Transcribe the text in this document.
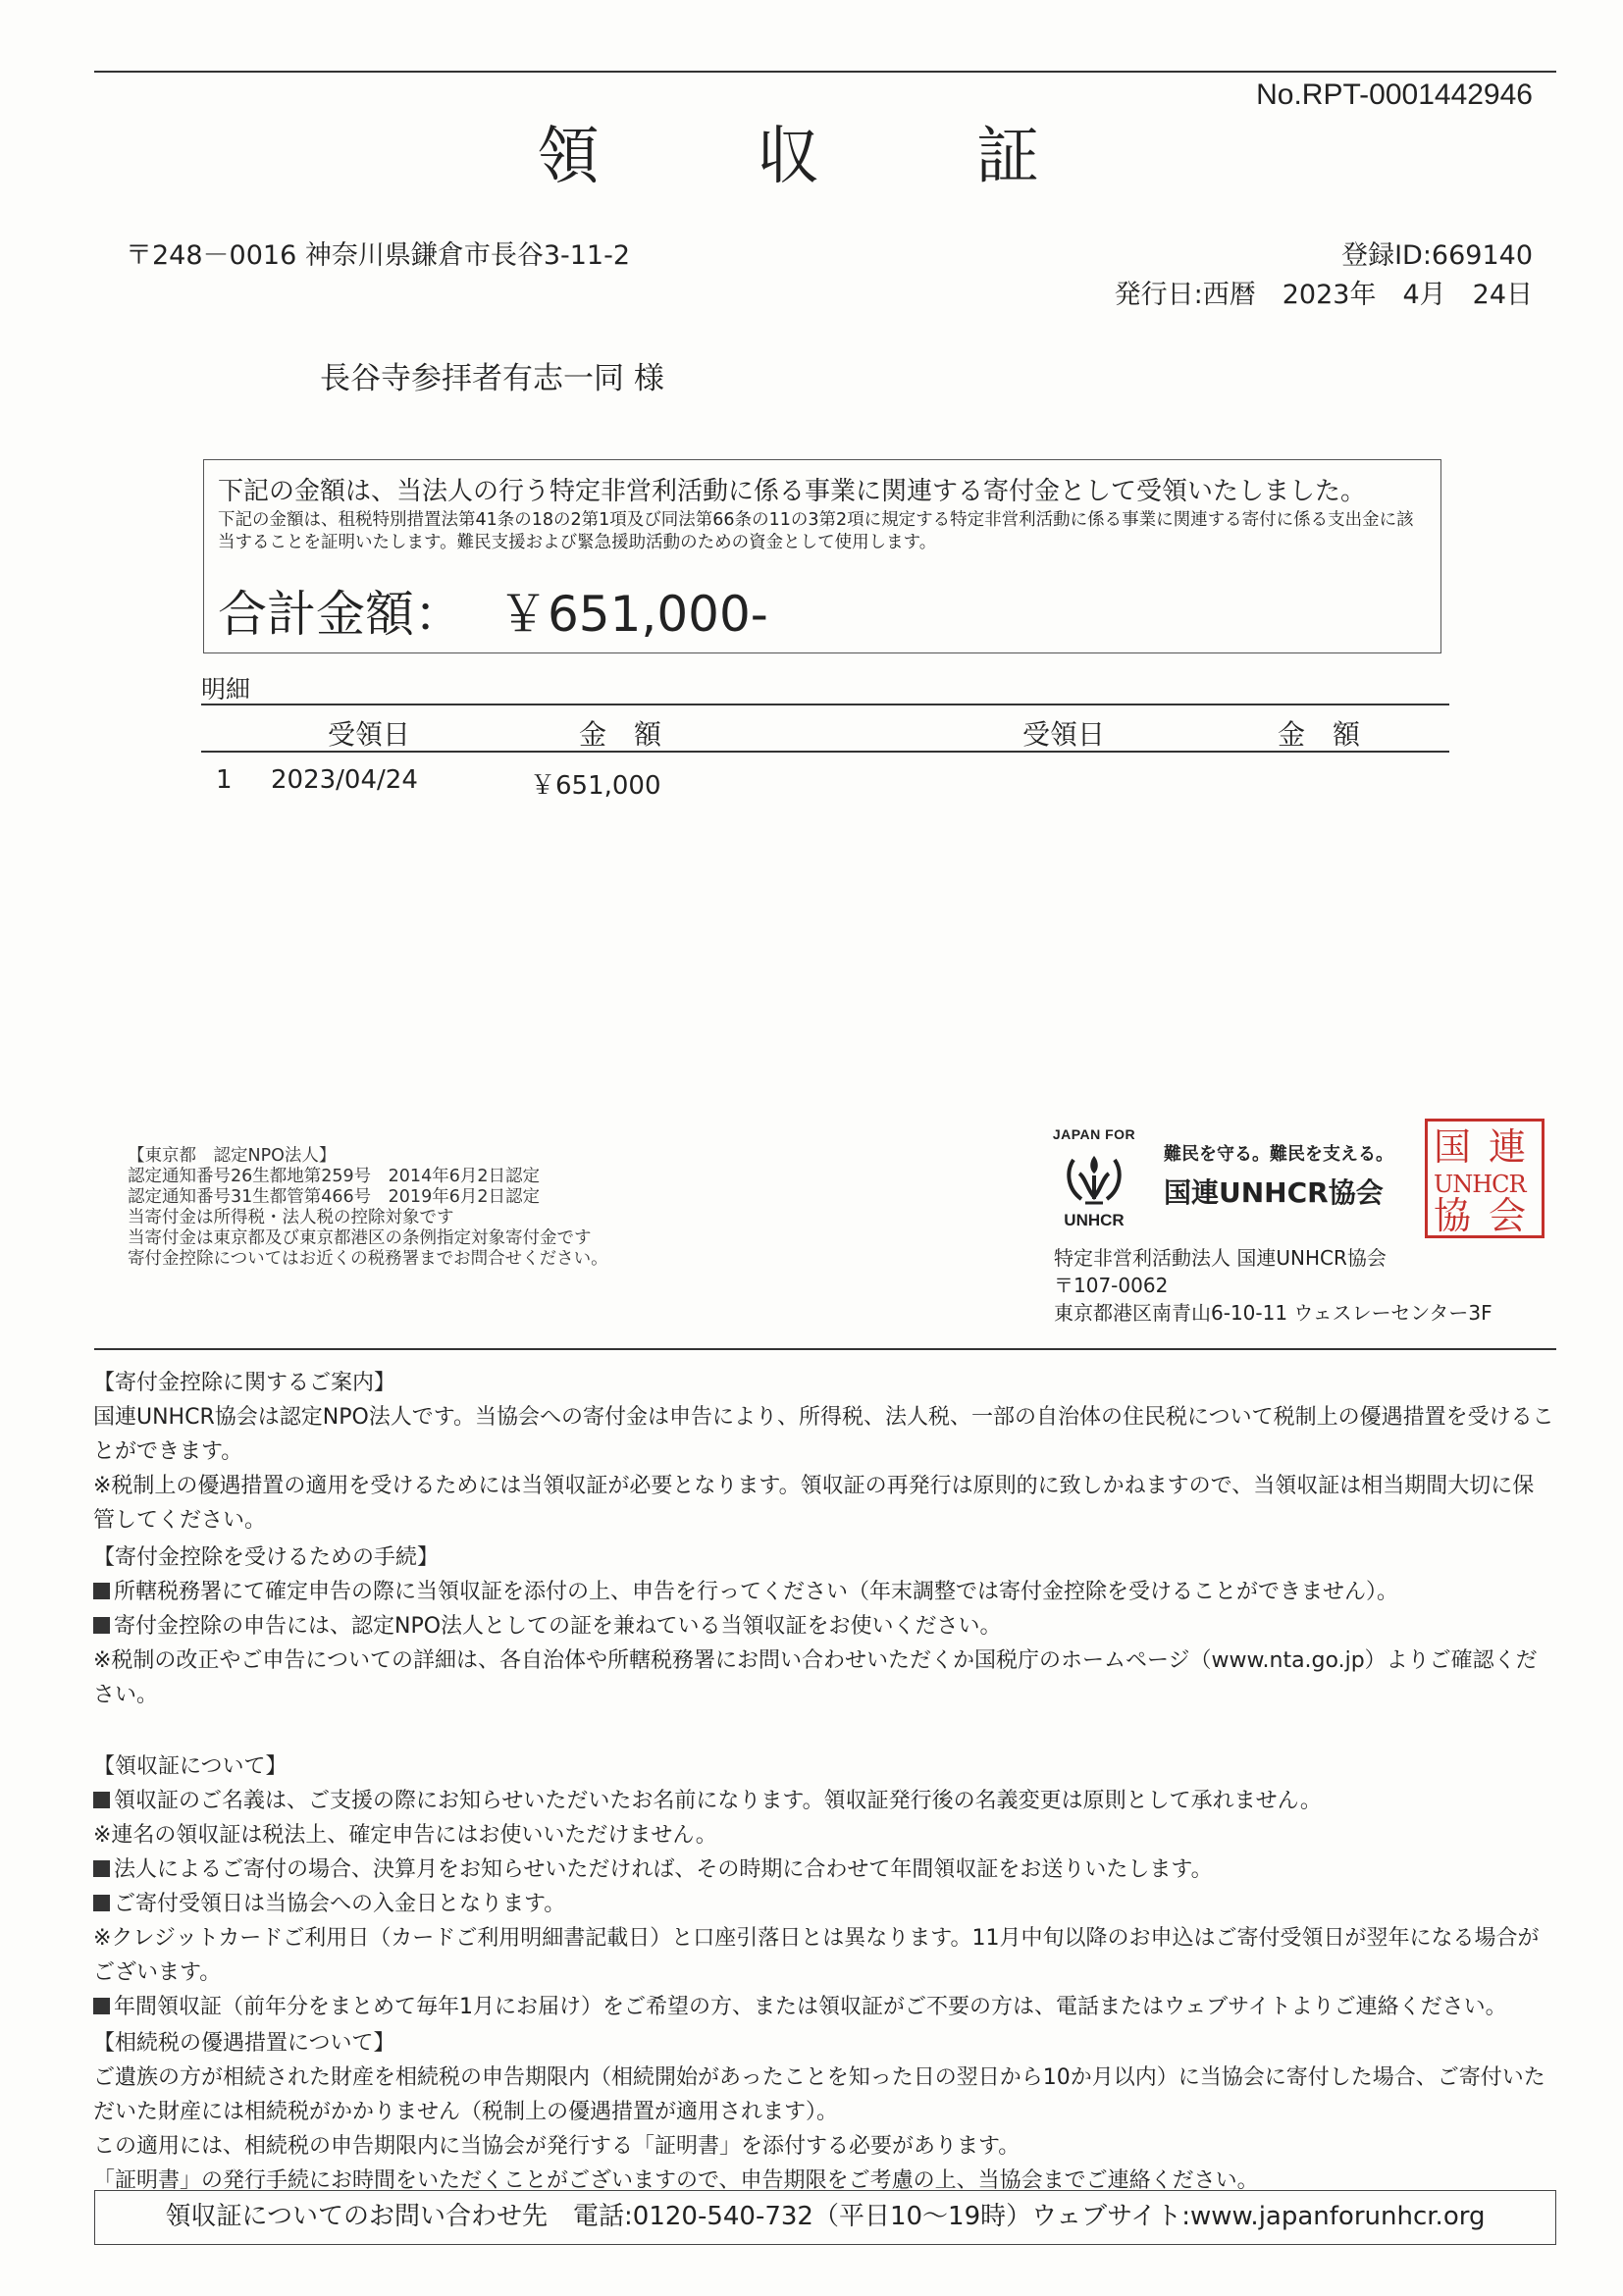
No.RPT-0001442946
領　収　証
〒248－0016 神奈川県鎌倉市長谷3-11-2	登録ID:669140
発行日:西暦　2023年　4月　24日
長谷寺参拝者有志一同 様
下記の金額は、当法人の行う特定非営利活動に係る事業に関連する寄付金として受領いたしました。
下記の金額は、租税特別措置法第41条の18の2第1項及び同法第66条の11の3第2項に規定する特定非営利活動に係る事業に関連する寄付に係る支出金に該当することを証明いたします。難民支援および緊急援助活動のための資金として使用します。
合計金額： ￥651,000-
明細
受領日	金　額	受領日	金　額
1 2023/04/24	￥651,000
【東京都　認定NPO法人】
認定通知番号26生都地第259号　2014年6月2日認定
認定通知番号31生都管第466号　2019年6月2日認定
当寄付金は所得税・法人税の控除対象です
当寄付金は東京都及び東京都港区の条例指定対象寄付金です
寄付金控除についてはお近くの税務署までお問合せください。
JAPAN FOR
UNHCR
難民を守る。難民を支える。
国連UNHCR協会
特定非営利活動法人 国連UNHCR協会
〒107-0062
東京都港区南青山6-10-11 ウェスレーセンター3F
国 連
UNHCR
協 会

【寄付金控除に関するご案内】

国連UNHCR協会は認定NPO法人です。当協会への寄付金は申告により、所得税、法人税、一部の自治体の住民税について税制上の優遇措置を受けることができます。

※税制上の優遇措置の適用を受けるためには当領収証が必要となります。領収証の再発行は原則的に致しかねますので、当領収証は相当期間大切に保管してください。

【寄付金控除を受けるための手続】

所轄税務署にて確定申告の際に当領収証を添付の上、申告を行ってください（年末調整では寄付金控除を受けることができません）。

寄付金控除の申告には、認定NPO法人としての証を兼ねている当領収証をお使いください。

※税制の改正やご申告についての詳細は、各自治体や所轄税務署にお問い合わせいただくか国税庁のホームページ（www.nta.go.jp）よりご確認ください。

【領収証について】

領収証のご名義は、ご支援の際にお知らせいただいたお名前になります。領収証発行後の名義変更は原則として承れません。

※連名の領収証は税法上、確定申告にはお使いいただけません。

法人によるご寄付の場合、決算月をお知らせいただければ、その時期に合わせて年間領収証をお送りいたします。

ご寄付受領日は当協会への入金日となります。

※クレジットカードご利用日（カードご利用明細書記載日）と口座引落日とは異なります。11月中旬以降のお申込はご寄付受領日が翌年になる場合がございます。

年間領収証（前年分をまとめて毎年1月にお届け）をご希望の方、または領収証がご不要の方は、電話またはウェブサイトよりご連絡ください。

【相続税の優遇措置について】

ご遺族の方が相続された財産を相続税の申告期限内（相続開始があったことを知った日の翌日から10か月以内）に当協会に寄付した場合、ご寄付いただいた財産には相続税がかかりません（税制上の優遇措置が適用されます）。

この適用には、相続税の申告期限内に当協会が発行する「証明書」を添付する必要があります。

「証明書」の発行手続にお時間をいただくことがございますので、申告期限をご考慮の上、当協会までご連絡ください。

領収証についてのお問い合わせ先　電話:0120-540-732（平日10～19時）ウェブサイト:www.japanforunhcr.org
